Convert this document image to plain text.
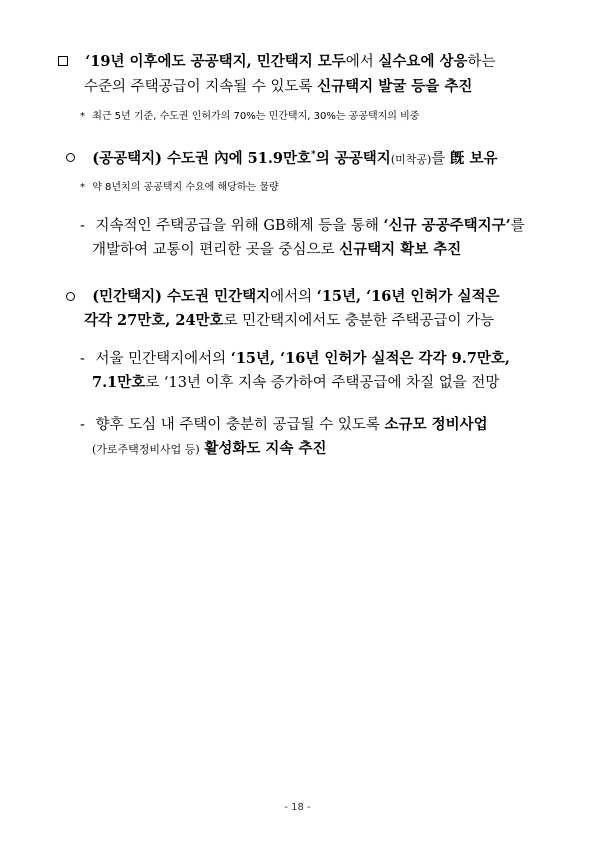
‘19년 이후에도 공공택지, 민간택지 모두에서 실수요에 상응하는
수준의 주택공급이 지속될 수 있도록 신규택지 발굴 등을 추진
* 최근 5년 기준, 수도권 인허가의 70%는 민간택지, 30%는 공공택지의 비중
(공공택지) 수도권 內에 51.9만호*의 공공택지(미착공)를 旣 보유
* 약 8년치의 공공택지 수요에 해당하는 물량
- 지속적인 주택공급을 위해 GB해제 등을 통해 ‘신규 공공주택지구’를
개발하여 교통이 편리한 곳을 중심으로 신규택지 확보 추진
(민간택지) 수도권 민간택지에서의 ‘15년, ‘16년 인허가 실적은
각각 27만호, 24만호로 민간택지에서도 충분한 주택공급이 가능
- 서울 민간택지에서의 ‘15년, ‘16년 인허가 실적은 각각 9.7만호,
7.1만호로 ‘13년 이후 지속 증가하여 주택공급에 차질 없을 전망
- 향후 도심 내 주택이 충분히 공급될 수 있도록 소규모 정비사업
(가로주택정비사업 등) 활성화도 지속 추진
- 18 -
